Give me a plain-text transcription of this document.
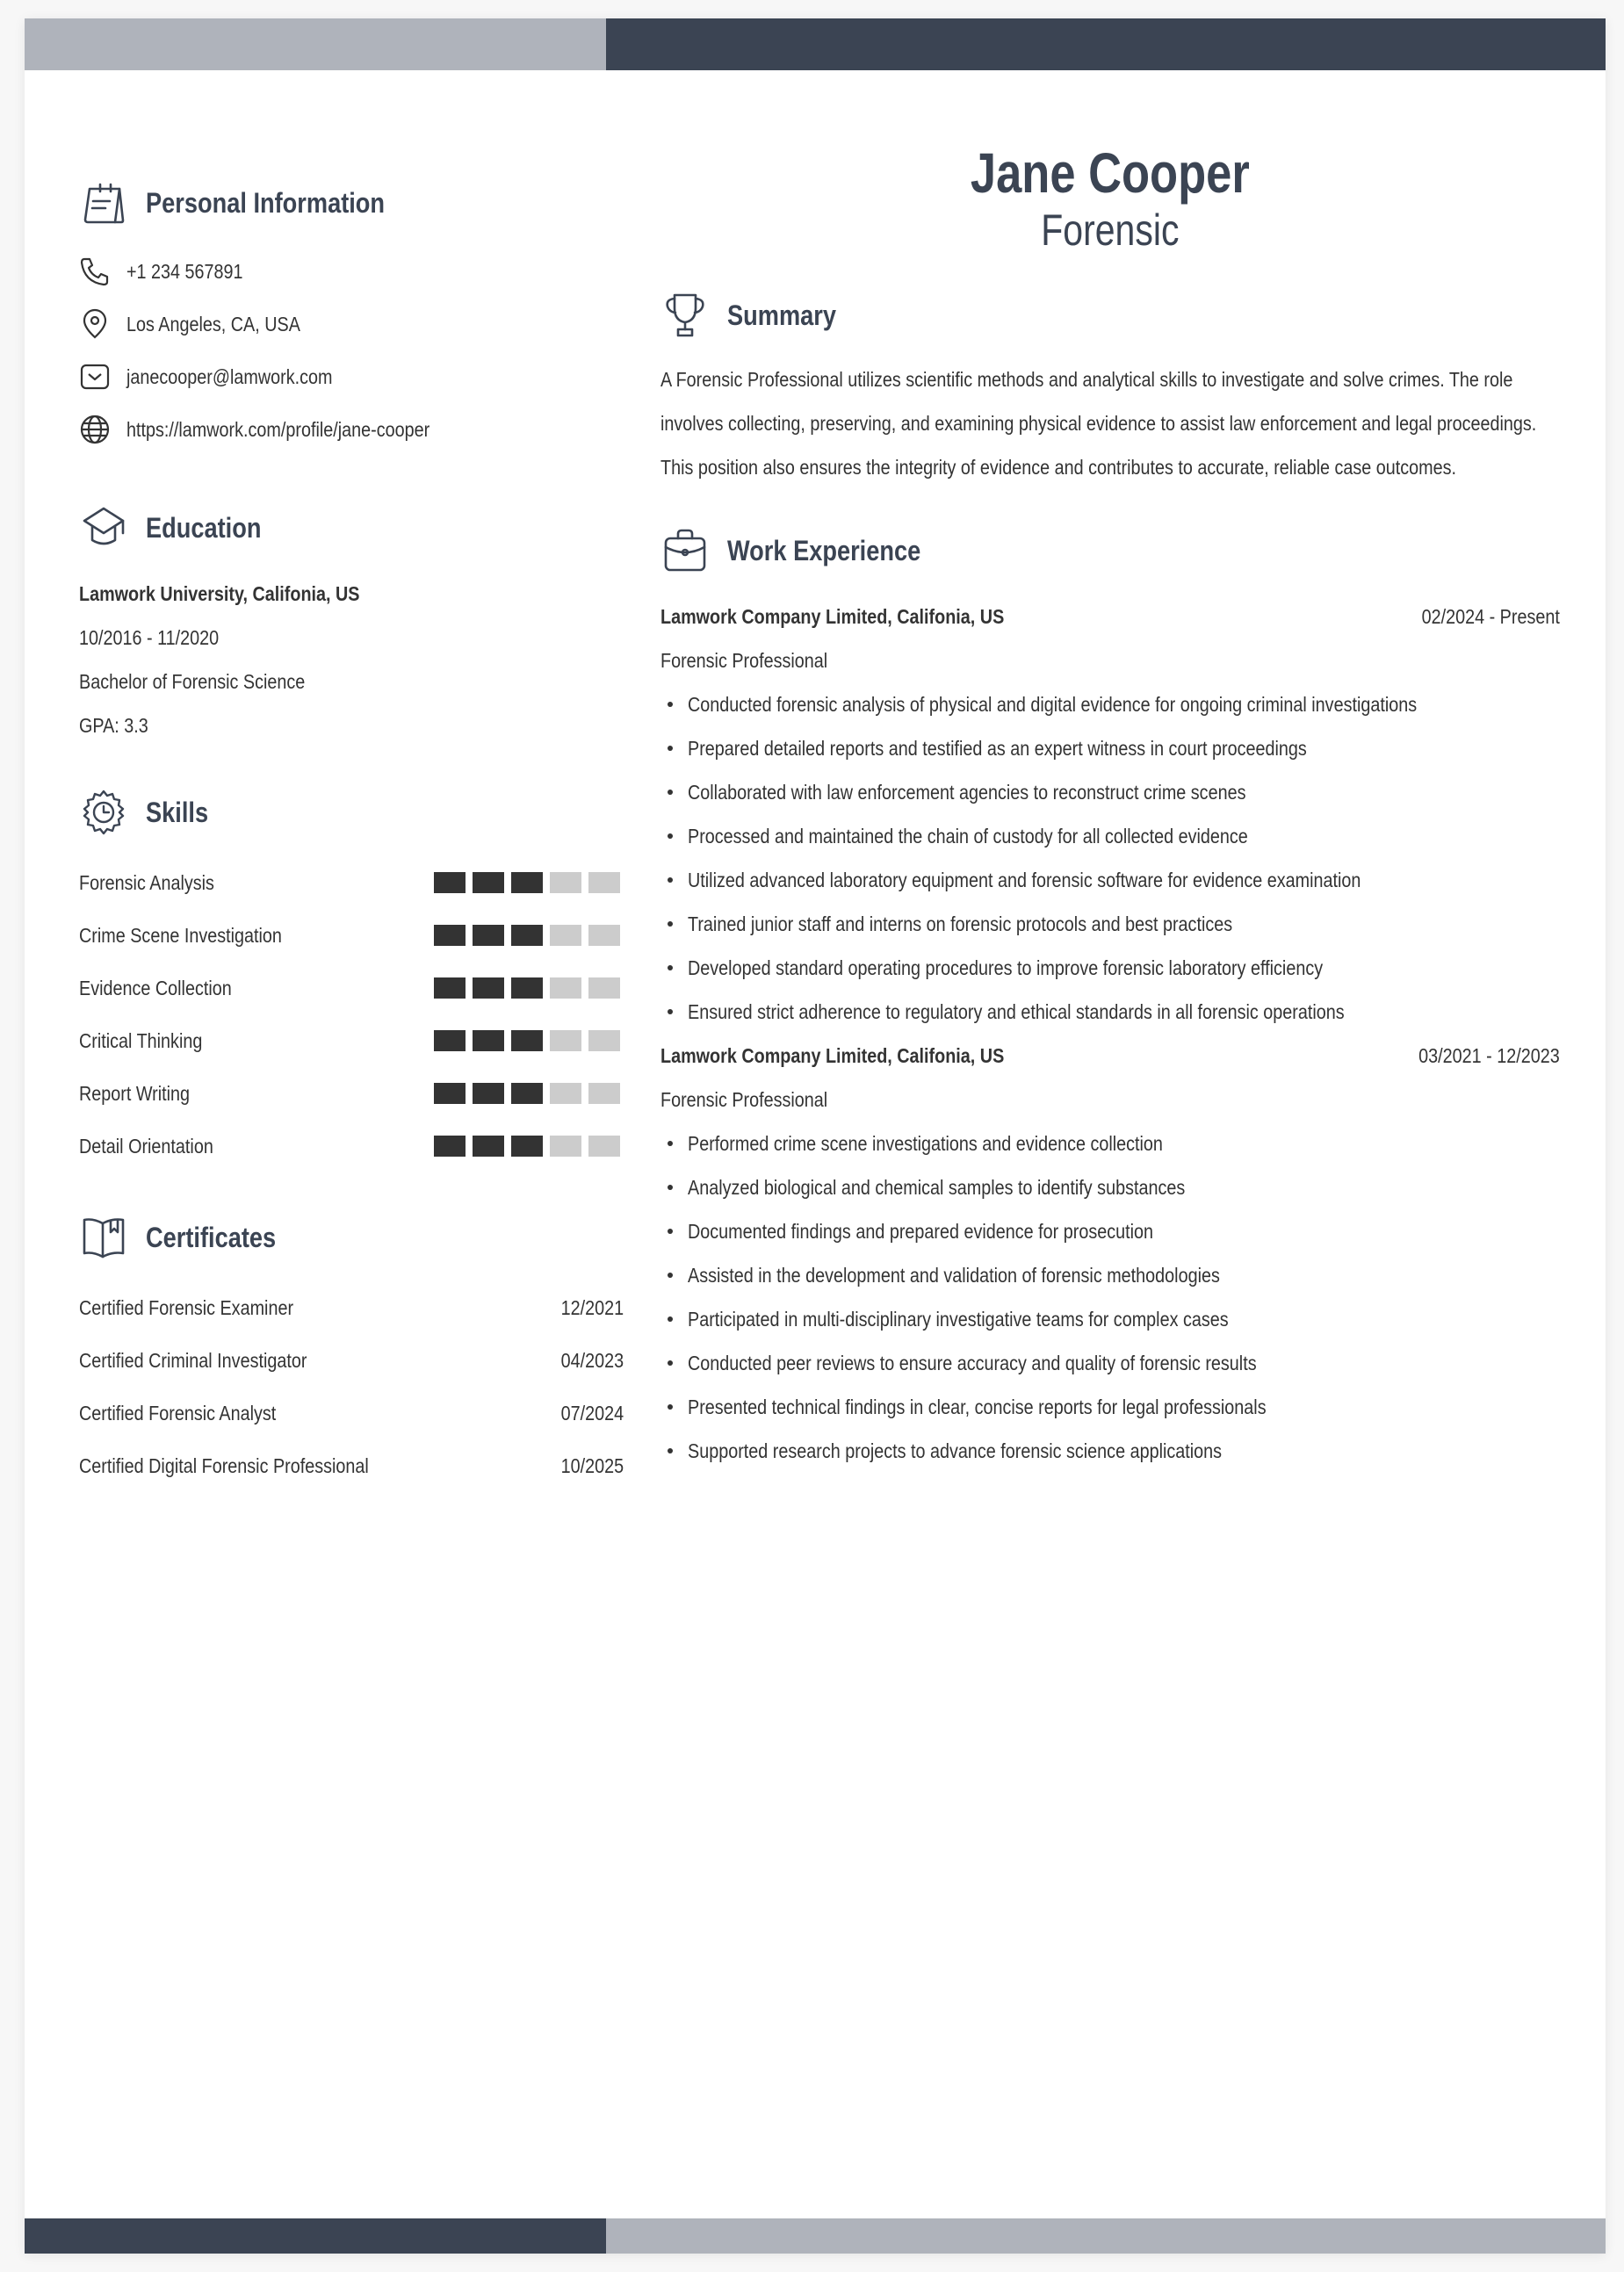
Personal Information
+1 234 567891
Los Angeles, CA, USA
janecooper@lamwork.com
https://lamwork.com/profile/jane-cooper
Education
Lamwork University, Califonia, US
10/2016 - 11/2020
Bachelor of Forensic Science
GPA: 3.3
Skills
Forensic Analysis
Crime Scene Investigation
Evidence Collection
Critical Thinking
Report Writing
Detail Orientation
Certificates
Certified Forensic Examiner	12/2021
Certified Criminal Investigator	04/2023
Certified Forensic Analyst	07/2024
Certified Digital Forensic Professional	10/2025
Jane Cooper
Forensic
Summary

A Forensic Professional utilizes scientific methods and analytical skills to investigate and solve crimes. The role involves collecting, preserving, and examining physical evidence to assist law enforcement and legal proceedings. This position also ensures the integrity of evidence and contributes to accurate, reliable case outcomes.

Work Experience
Lamwork Company Limited, Califonia, US	02/2024 - Present
Forensic Professional
Conducted forensic analysis of physical and digital evidence for ongoing criminal investigations
Prepared detailed reports and testified as an expert witness in court proceedings
Collaborated with law enforcement agencies to reconstruct crime scenes
Processed and maintained the chain of custody for all collected evidence
Utilized advanced laboratory equipment and forensic software for evidence examination
Trained junior staff and interns on forensic protocols and best practices
Developed standard operating procedures to improve forensic laboratory efficiency
Ensured strict adherence to regulatory and ethical standards in all forensic operations
Lamwork Company Limited, Califonia, US	03/2021 - 12/2023
Forensic Professional
Performed crime scene investigations and evidence collection
Analyzed biological and chemical samples to identify substances
Documented findings and prepared evidence for prosecution
Assisted in the development and validation of forensic methodologies
Participated in multi-disciplinary investigative teams for complex cases
Conducted peer reviews to ensure accuracy and quality of forensic results
Presented technical findings in clear, concise reports for legal professionals
Supported research projects to advance forensic science applications
